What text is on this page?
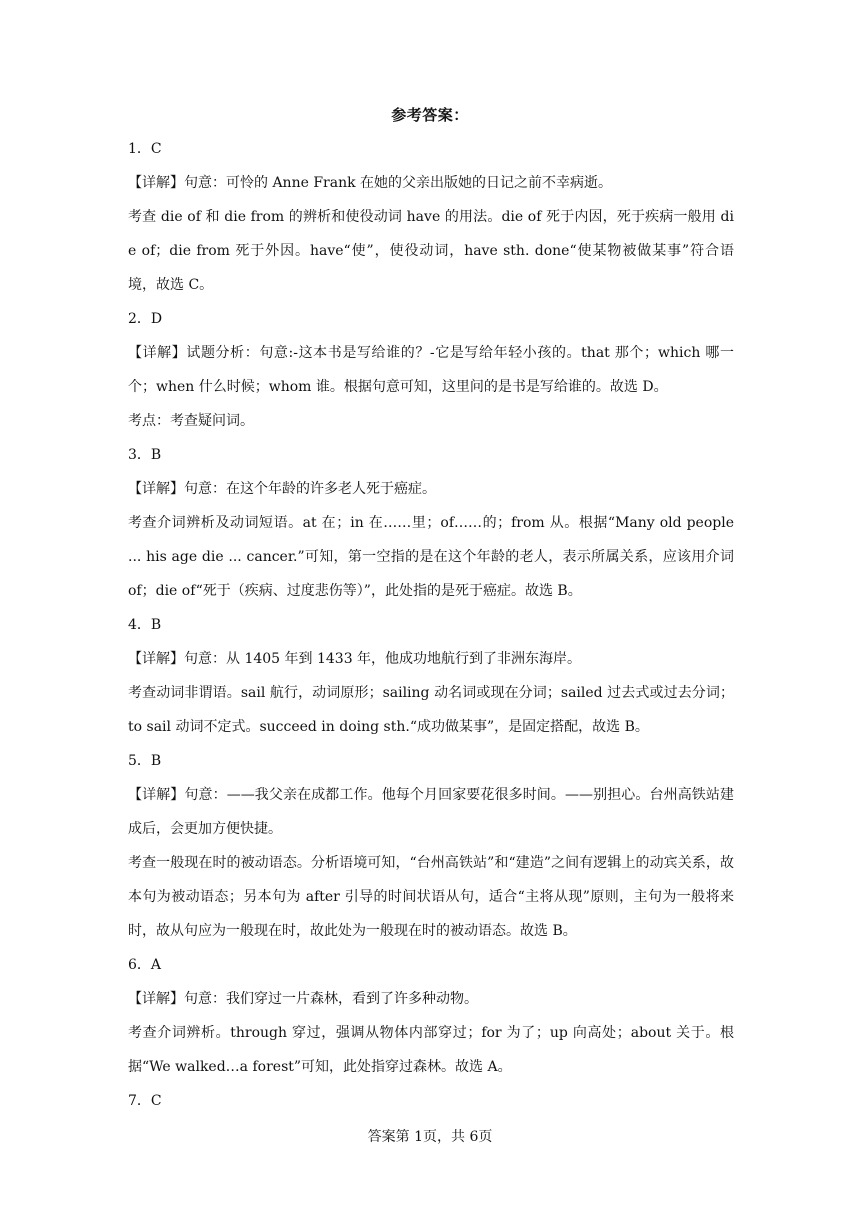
参考答案：

1．C

【详解】句意：可怜的 Anne Frank 在她的父亲出版她的日记之前不幸病逝。

考查 die of 和 die from 的辨析和使役动词 have 的用法。die of 死于内因，死于疾病一般用 die of；die from 死于外因。have“使”，使役动词，have sth. done“使某物被做某事”符合语境，故选 C。

2．D

【详解】试题分析：句意:-这本书是写给谁的？-它是写给年轻小孩的。that 那个；which 哪一个；when 什么时候；whom 谁。根据句意可知，这里问的是书是写给谁的。故选 D。

考点：考查疑问词。

3．B

【详解】句意：在这个年龄的许多老人死于癌症。

考查介词辨析及动词短语。at 在；in 在……里；of……的；from 从。根据“Many old people ... his age die ... cancer.”可知，第一空指的是在这个年龄的老人，表示所属关系，应该用介词 of；die of“死于（疾病、过度悲伤等）”，此处指的是死于癌症。故选 B。

4．B

【详解】句意：从 1405 年到 1433 年，他成功地航行到了非洲东海岸。

考查动词非谓语。sail 航行，动词原形；sailing 动名词或现在分词；sailed 过去式或过去分词；to sail 动词不定式。succeed in doing sth.“成功做某事”，是固定搭配，故选 B。

5．B

【详解】句意：——我父亲在成都工作。他每个月回家要花很多时间。——别担心。台州高铁站建成后，会更加方便快捷。

考查一般现在时的被动语态。分析语境可知，“台州高铁站”和“建造”之间有逻辑上的动宾关系，故本句为被动语态；另本句为 after 引导的时间状语从句，适合“主将从现”原则，主句为一般将来时，故从句应为一般现在时，故此处为一般现在时的被动语态。故选 B。

6．A

【详解】句意：我们穿过一片森林，看到了许多种动物。

考查介词辨析。through 穿过，强调从物体内部穿过；for 为了；up 向高处；about 关于。根据“We walked…a forest”可知，此处指穿过森林。故选 A。

7．C

答案第 1页，共 6页
